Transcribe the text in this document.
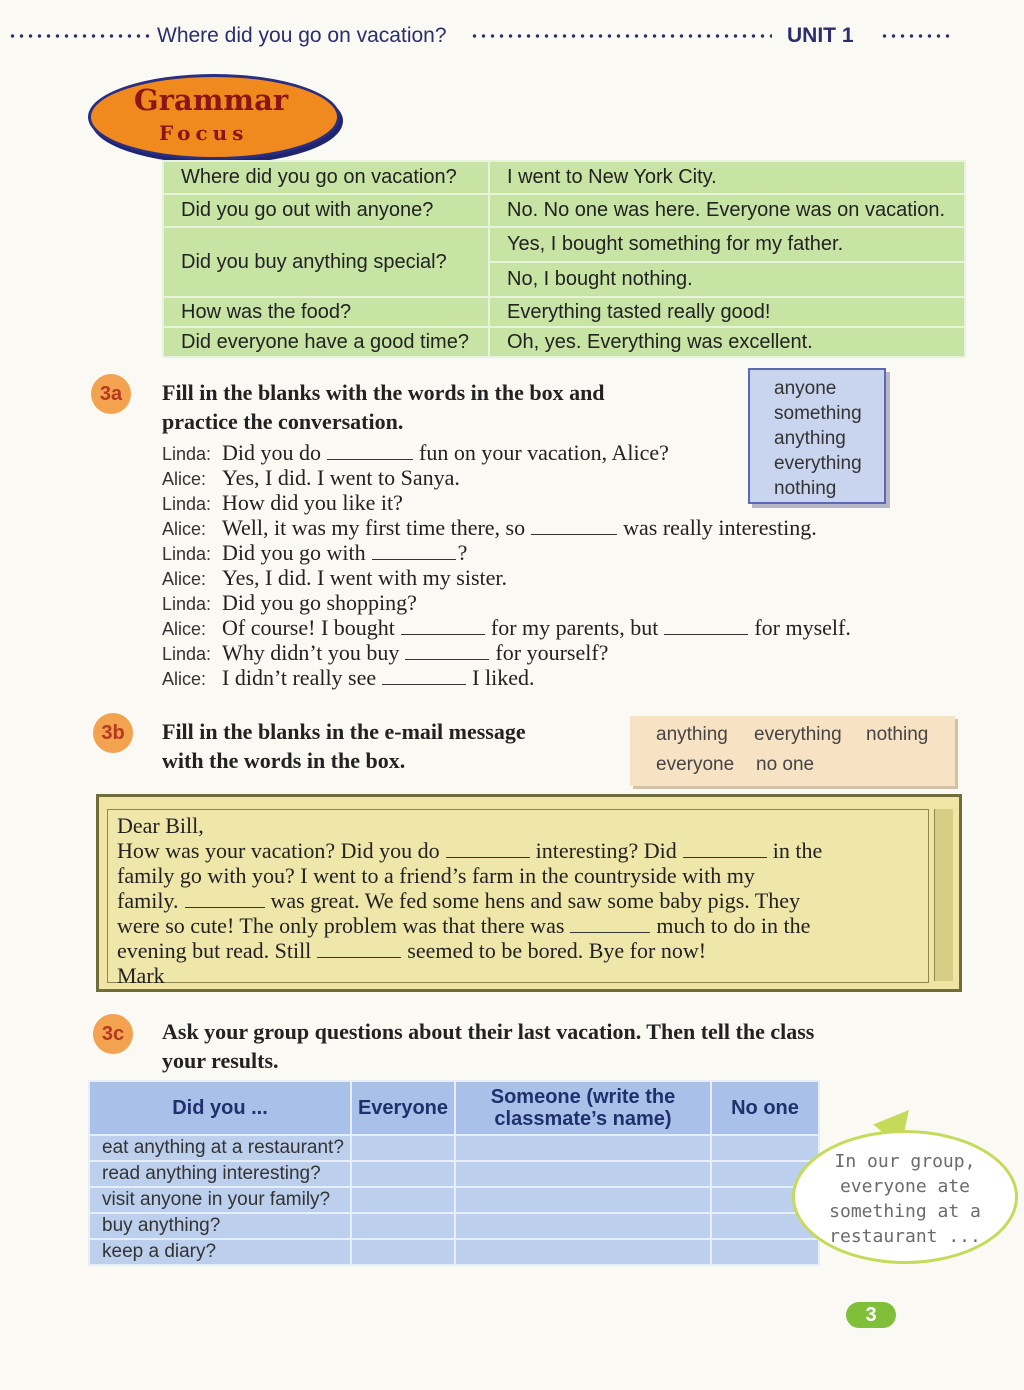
Where did you go on vacation?	UNIT 1
Grammar
Focus
Where did you go on vacation?	I went to New York City.
Did you go out with anyone?	No. No one was here. Everyone was on vacation.
Did you buy anything special?	Yes, I bought something for my father.
	No, I bought nothing.
How was the food?	Everything tasted really good!
Did everyone have a good time?	Oh, yes. Everything was excellent.
3a	Fill in the blanks with the words in the box and
practice the conversation.
anyone
something
anything
everything
nothing
Linda: Did you do	fun on your vacation, Alice?
Alice: Yes, I did. I went to Sanya.
Linda: How did you like it?
Alice: Well, it was my first time there, so	was really interesting.
Linda: Did you go with	?
Alice: Yes, I did. I went with my sister.
Linda: Did you go shopping?
Alice: Of course! I bought	for my parents, but	for myself.
Linda: Why didn’t you buy	for yourself?
Alice: I didn’t really see	I liked.
3b	Fill in the blanks in the e-mail message
with the words in the box.
anything everything nothing
everyone no one
Dear Bill,
How was your vacation? Did you do	interesting? Did	in the
family go with you? I went to a friend’s farm in the countryside with my
family.	was great. We fed some hens and saw some baby pigs. They
were so cute! The only problem was that there was	much to do in the
evening but read. Still	seemed to be bored. Bye for now!
Mark
3c	Ask your group questions about their last vacation. Then tell the class
your results.
Did you ...	Everyone	Someone (write the classmate’s name)	No one
eat anything at a restaurant?			
read anything interesting?			
visit anyone in your family?			
buy anything?			
keep a diary?			
In our group,
everyone ate
something at a
restaurant ...
3
